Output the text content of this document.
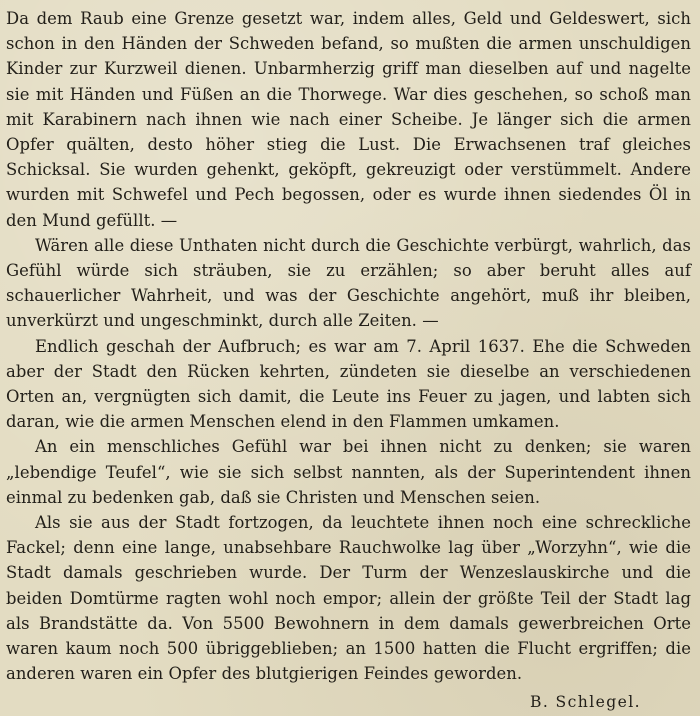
Da dem Raub eine Grenze gesetzt war, indem alles, Geld und Geldeswert, sich schon in den Händen der Schweden befand, so mußten die armen unschuldigen Kinder zur Kurzweil dienen. Unbarmherzig griff man dieselben auf und nagelte sie mit Händen und Füßen an die Thorwege. War dies geschehen, so schoß man mit Karabinern nach ihnen wie nach einer Scheibe. Je länger sich die armen Opfer quälten, desto höher stieg die Lust. Die Erwachsenen traf gleiches Schicksal. Sie wurden gehenkt, geköpft, gekreuzigt oder verstümmelt. Andere wurden mit Schwefel und Pech begossen, oder es wurde ihnen siedendes Öl in den Mund gefüllt. —

Wären alle diese Unthaten nicht durch die Geschichte verbürgt, wahrlich, das Gefühl würde sich sträuben, sie zu erzählen; so aber beruht alles auf schauerlicher Wahrheit, und was der Geschichte angehört, muß ihr bleiben, unverkürzt und ungeschminkt, durch alle Zeiten. —

Endlich geschah der Aufbruch; es war am 7. April 1637. Ehe die Schweden aber der Stadt den Rücken kehrten, zündeten sie dieselbe an verschiedenen Orten an, vergnügten sich damit, die Leute ins Feuer zu jagen, und labten sich daran, wie die armen Menschen elend in den Flammen umkamen.

An ein menschliches Gefühl war bei ihnen nicht zu denken; sie waren „lebendige Teufel“, wie sie sich selbst nannten, als der Superintendent ihnen einmal zu bedenken gab, daß sie Christen und Menschen seien.

Als sie aus der Stadt fortzogen, da leuchtete ihnen noch eine schreckliche Fackel; denn eine lange, unabsehbare Rauchwolke lag über „Worzyhn“, wie die Stadt damals geschrieben wurde. Der Turm der Wenzeslauskirche und die beiden Domtürme ragten wohl noch empor; allein der größte Teil der Stadt lag als Brandstätte da. Von 5500 Bewohnern in dem damals gewerbreichen Orte waren kaum noch 500 übriggeblieben; an 1500 hatten die Flucht ergriffen; die anderen waren ein Opfer des blutgierigen Feindes geworden.

B. Schlegel.
